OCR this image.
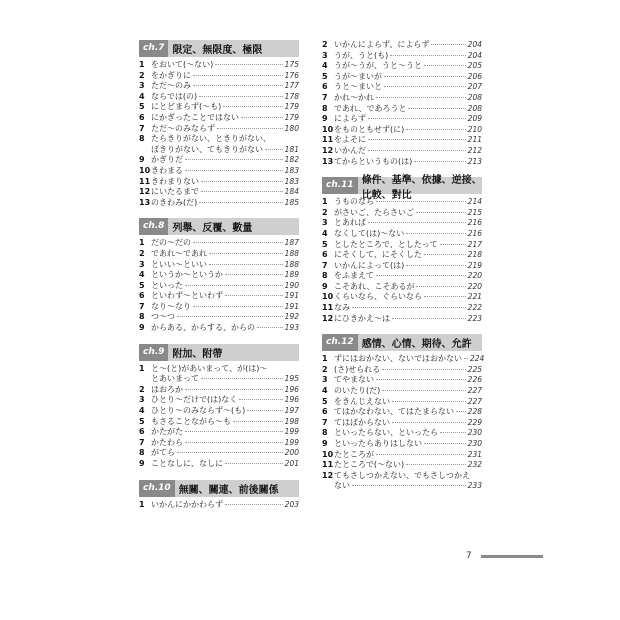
ch.7 限定、無限度、極限
1 をおいて(〜ない)	175
2 をかぎりに	176
3 ただ〜のみ	177
4 ならでは(の)	178
5 にとどまらず(〜も)	179
6 にかぎったことではない	179
7 ただ〜のみならず	180
8 たらきりがない、ときりがない、
ばきりがない、てもきりがない	181
9 かぎりだ	182
10 きわまる	183
11 きわまりない	183
12 にいたるまで	184
13 のきわみ(だ)	185
ch.8 列舉、反覆、數量
1 だの〜だの	187
2 であれ〜であれ	188
3 といい〜といい	188
4 というか〜というか	189
5 といった	190
6 といわず〜といわず	191
7 なり〜なり	191
8 つ〜つ	192
9 からある、からする、からの	193
ch.9 附加、附帶
1 と〜(と)があいまって、が(は)〜
とあいまって	195
2 はおろか	196
3 ひとり〜だけで(は)なく	196
4 ひとり〜のみならず〜(も)	197
5 もさることながら〜も	198
6 かたがた	199
7 かたわら	199
8 がてら	200
9 ことなしに、なしに	201
ch.10 無關、關連、前後關係
1 いかんにかかわらず	203
2 いかんによらず、によらず	204
3 うが、うと(も)	204
4 うが〜うが、うと〜うと	205
5 うが〜まいが	206
6 うと〜まいと	207
7 かれ〜かれ	208
8 であれ、であろうと	208
9 によらず	209
10 をものともせず(に)	210
11 をよそに	211
12 いかんだ	212
13 てからというもの(は)	213
ch.11 條件、基準、依據、逆接、比較、對比
1 うものなら	214
2 がさいご、たらさいご	215
3 とあれば	216
4 なくして(は)〜ない	216
5 としたところで、としたって	217
6 にそくして、にそくした	218
7 いかんによって(は)	219
8 をふまえて	220
9 こそあれ、こそあるが	220
10 くらいなら、ぐらいなら	221
11 なみ	222
12 にひきかえ〜は	223
ch.12 感情、心情、期待、允許
1 ずにはおかない、ないではおかない 224
2 (さ)せられる	225
3 てやまない	226
4 のいたり(だ)	227
5 をきんじえない	227
6 てはかなわない、てはたまらない 228
7 てはばからない	229
8 といったらない、といったら	230
9 といったらありはしない	230
10 たところが	231
11 たところで(〜ない)	232
12 てもさしつかえない、でもさしつかえ
ない	233
7
